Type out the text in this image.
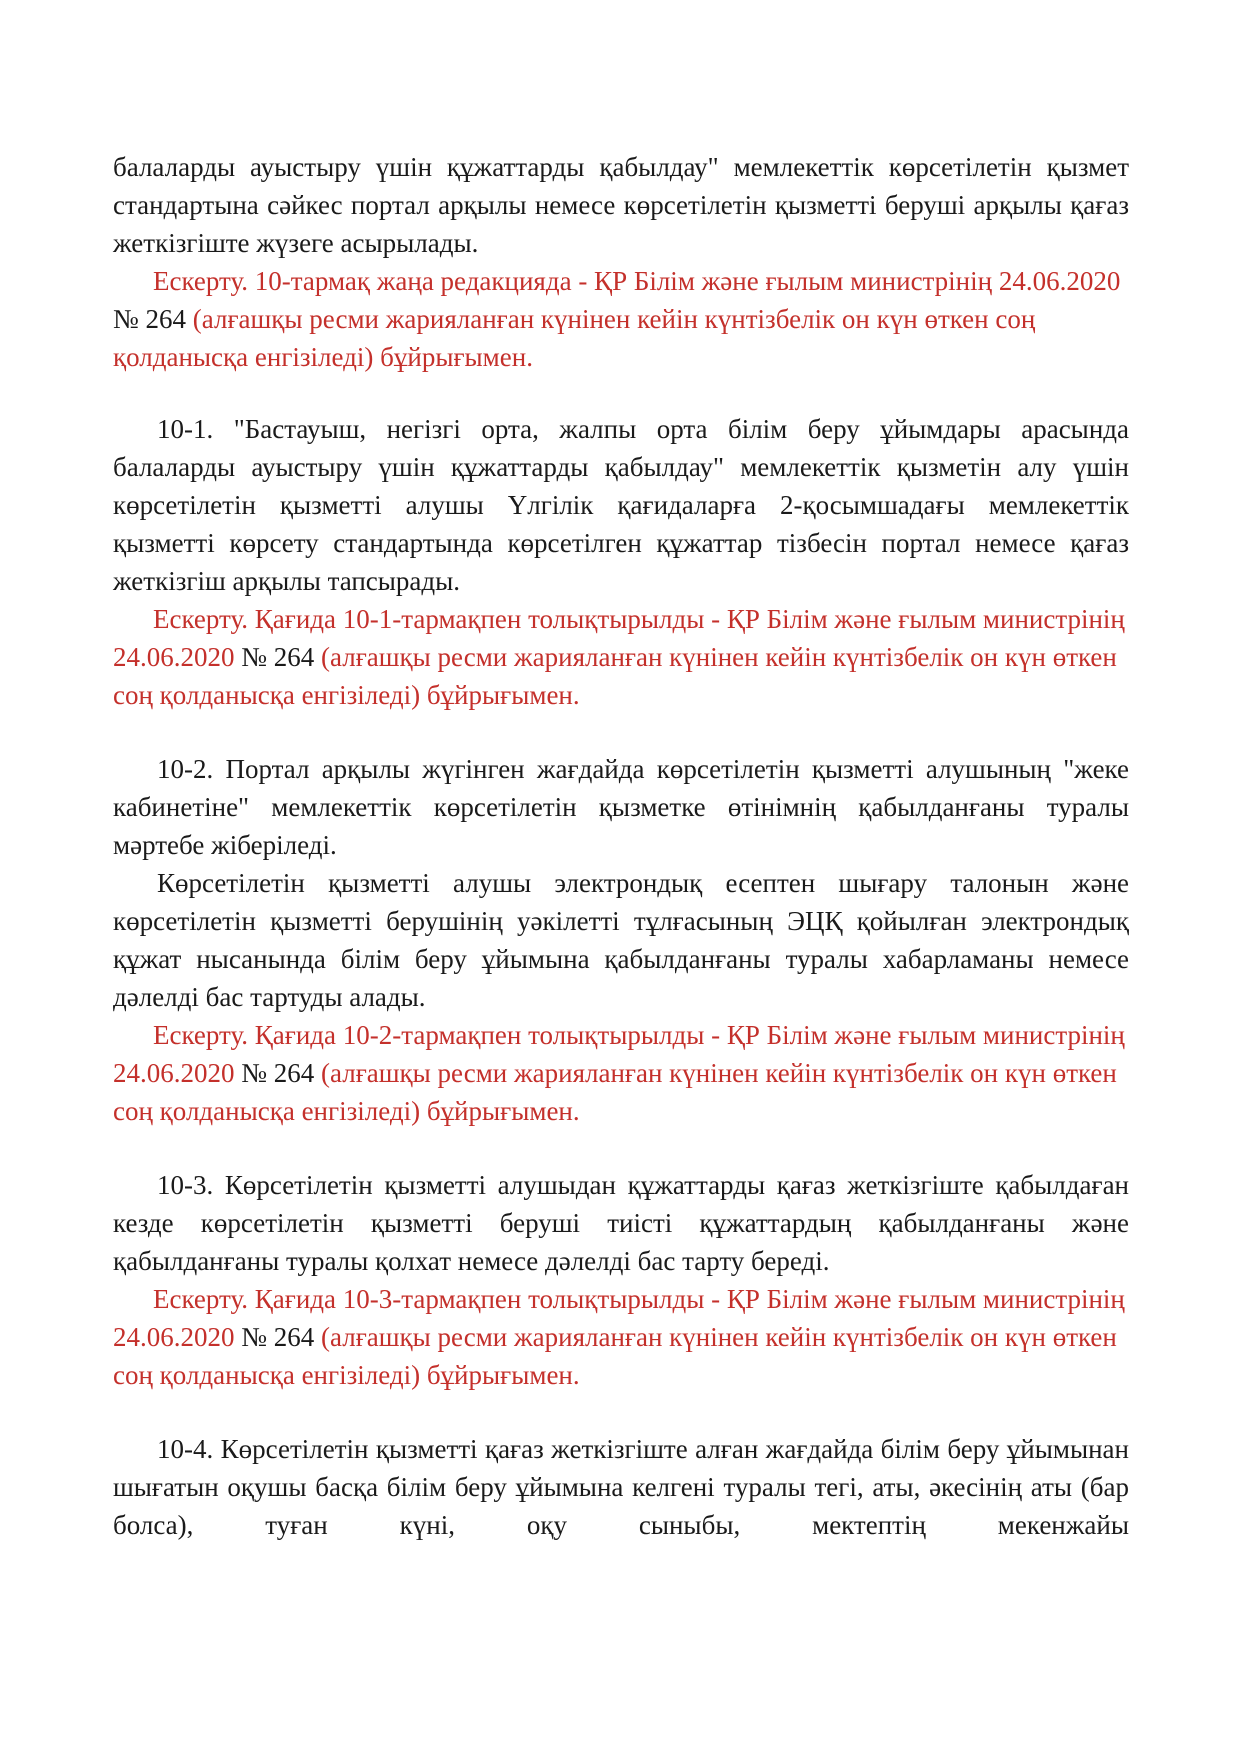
балаларды ауыстыру үшін құжаттарды қабылдау" мемлекеттік көрсетілетін қызмет стандартына сәйкес портал арқылы немесе көрсетілетін қызметті беруші арқылы қағаз жеткізгіште жүзеге асырылады.

Ескерту. 10-тармақ жаңа редакцияда - ҚР Білім және ғылым министрінің 24.06.2020 № 264 (алғашқы ресми жарияланған күнінен кейін күнтізбелік он күн өткен соң қолданысқа енгізіледі) бұйрығымен.

10-1. "Бастауыш, негізгі орта, жалпы орта білім беру ұйымдары арасында балаларды ауыстыру үшін құжаттарды қабылдау" мемлекеттік қызметін алу үшін көрсетілетін қызметті алушы Үлгілік қағидаларға 2-қосымшадағы мемлекеттік қызметті көрсету стандартында көрсетілген құжаттар тізбесін портал немесе қағаз жеткізгіш арқылы тапсырады.

Ескерту. Қағида 10-1-тармақпен толықтырылды - ҚР Білім және ғылым министрінің 24.06.2020 № 264 (алғашқы ресми жарияланған күнінен кейін күнтізбелік он күн өткен соң қолданысқа енгізіледі) бұйрығымен.

10-2. Портал арқылы жүгінген жағдайда көрсетілетін қызметті алушының "жеке кабинетіне" мемлекеттік көрсетілетін қызметке өтінімнің қабылданғаны туралы мәртебе жіберіледі.

Көрсетілетін қызметті алушы электрондық есептен шығару талонын және көрсетілетін қызметті берушінің уәкілетті тұлғасының ЭЦҚ қойылған электрондық құжат нысанында білім беру ұйымына қабылданғаны туралы хабарламаны немесе дәлелді бас тартуды алады.

Ескерту. Қағида 10-2-тармақпен толықтырылды - ҚР Білім және ғылым министрінің 24.06.2020 № 264 (алғашқы ресми жарияланған күнінен кейін күнтізбелік он күн өткен соң қолданысқа енгізіледі) бұйрығымен.

10-3. Көрсетілетін қызметті алушыдан құжаттарды қағаз жеткізгіште қабылдаған кезде көрсетілетін қызметті беруші тиісті құжаттардың қабылданғаны және қабылданғаны туралы қолхат немесе дәлелді бас тарту береді.

Ескерту. Қағида 10-3-тармақпен толықтырылды - ҚР Білім және ғылым министрінің 24.06.2020 № 264 (алғашқы ресми жарияланған күнінен кейін күнтізбелік он күн өткен соң қолданысқа енгізіледі) бұйрығымен.

10-4. Көрсетілетін қызметті қағаз жеткізгіште алған жағдайда білім беру ұйымынан шығатын оқушы басқа білім беру ұйымына келгені туралы тегі, аты, әкесінің аты (бар болса), туған күні, оқу сыныбы, мектептің мекенжайы
